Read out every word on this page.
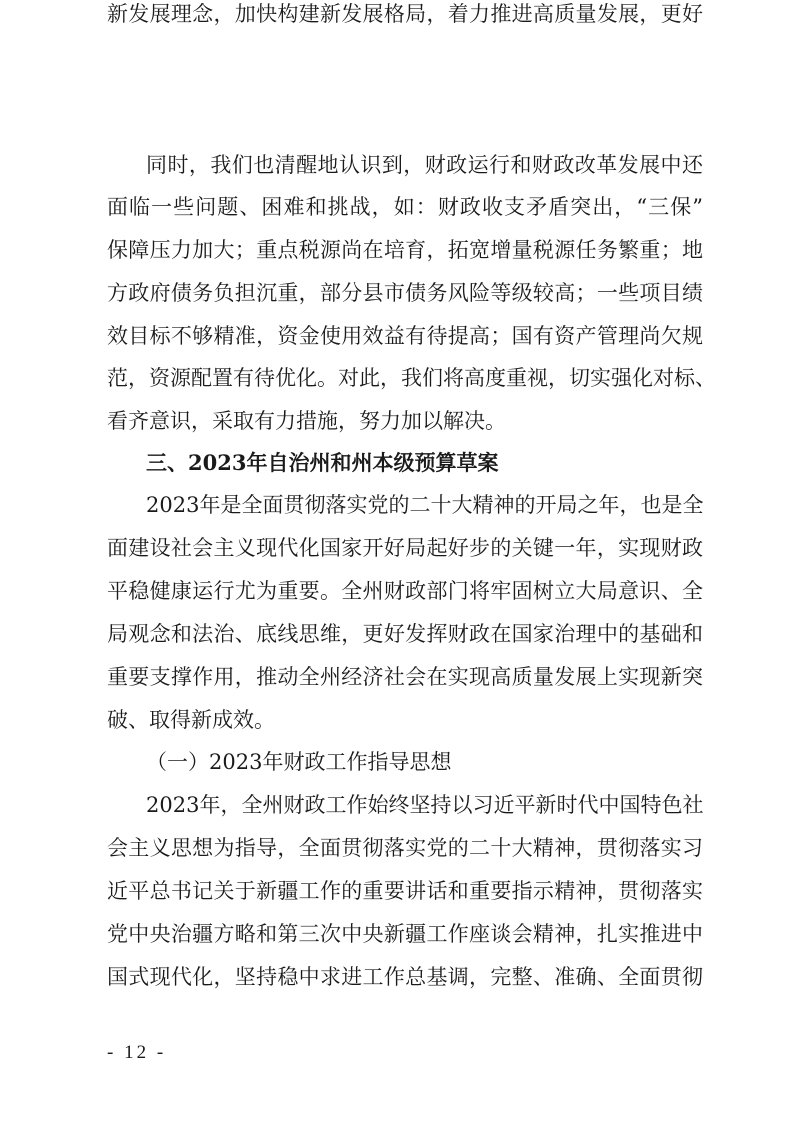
同时，我们也清醒地认识到，财政运行和财政改革发展中还
面临一些问题、困难和挑战，如：财政收支矛盾突出，“三保”
保障压力加大；重点税源尚在培育，拓宽增量税源任务繁重；地
方政府债务负担沉重，部分县市债务风险等级较高；一些项目绩
效目标不够精准，资金使用效益有待提高；国有资产管理尚欠规
范，资源配置有待优化。对此，我们将高度重视，切实强化对标、
看齐意识，采取有力措施，努力加以解决。
三、2023年自治州和州本级预算草案
2023年是全面贯彻落实党的二十大精神的开局之年，也是全
面建设社会主义现代化国家开好局起好步的关键一年，实现财政
平稳健康运行尤为重要。全州财政部门将牢固树立大局意识、全
局观念和法治、底线思维，更好发挥财政在国家治理中的基础和
重要支撑作用，推动全州经济社会在实现高质量发展上实现新突
破、取得新成效。
（一）2023年财政工作指导思想
2023年，全州财政工作始终坚持以习近平新时代中国特色社
会主义思想为指导，全面贯彻落实党的二十大精神，贯彻落实习
近平总书记关于新疆工作的重要讲话和重要指示精神，贯彻落实
党中央治疆方略和第三次中央新疆工作座谈会精神，扎实推进中
国式现代化，坚持稳中求进工作总基调，完整、准确、全面贯彻
新发展理念，加快构建新发展格局，着力推进高质量发展，更好
- 12 -
